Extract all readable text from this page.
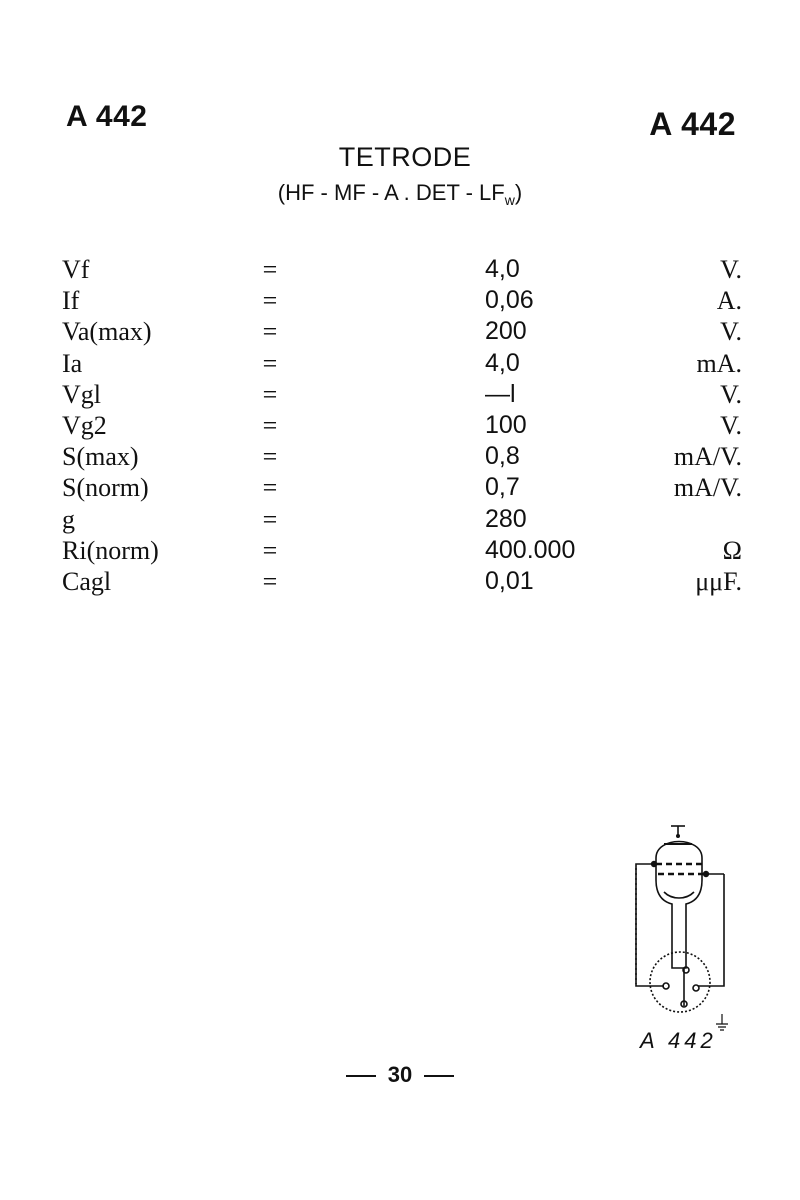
A 442	A 442
TETRODE
(HF - MF - A . DET - $LF_w$)
Vf	=	4,0	V.
If	=	0,06	A.
Va(max)	=	200	V.
Ia	=	4,0	mA.
Vgl	=	—l	V.
Vg2	=	100	V.
S(max)	=	0,8	mA/V.
S(norm)	=	0,7	mA/V.
g	=	280
Ri(norm)	=	400.000	Ω
Cagl	=	0,01	μμF.
A 442
30
